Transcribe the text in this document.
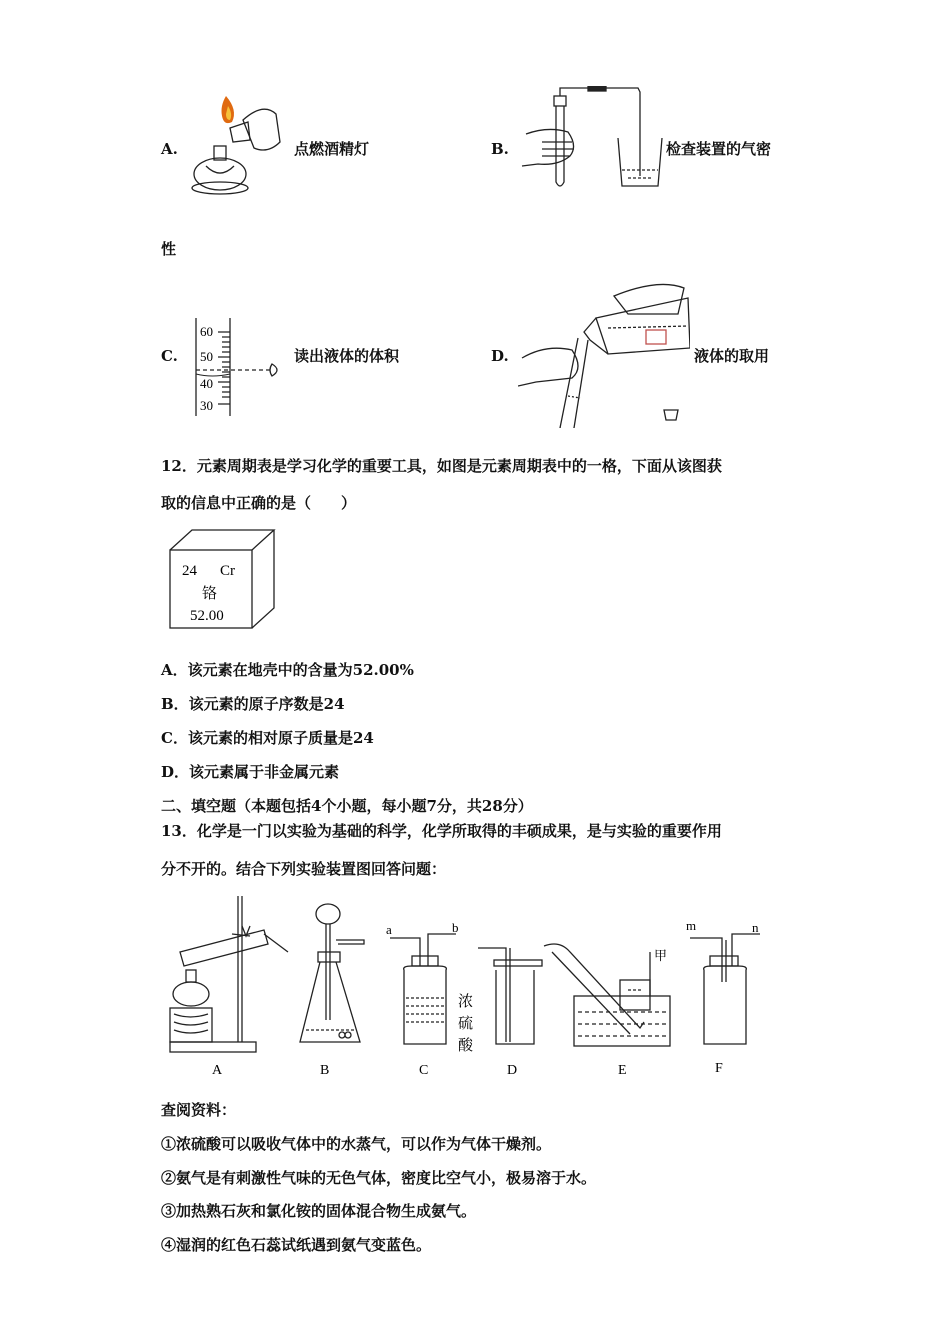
A.	点燃酒精灯	B.	检查装置的气密
性
C.
60
50
40
30
读出液体的体积	D.	液体的取用
12．元素周期表是学习化学的重要工具，如图是元素周期表中的一格，下面从该图获
取的信息中正确的是（　　）
24 Cr
铬
52.00
A．该元素在地壳中的含量为52.00%
B．该元素的原子序数是24
C．该元素的相对原子质量是24
D．该元素属于非金属元素
二、填空题（本题包括4个小题，每小题7分，共28分）
13．化学是一门以实验为基础的科学，化学所取得的丰硕成果，是与实验的重要作用
分不开的。结合下列实验装置图回答问题：
A	B	C	D	E	F
a	b	m	n
甲
浓
硫
酸
查阅资料：
①浓硫酸可以吸收气体中的水蒸气，可以作为气体干燥剂。
②氨气是有刺激性气味的无色气体，密度比空气小，极易溶于水。
③加热熟石灰和氯化铵的固体混合物生成氨气。
④湿润的红色石蕊试纸遇到氨气变蓝色。
